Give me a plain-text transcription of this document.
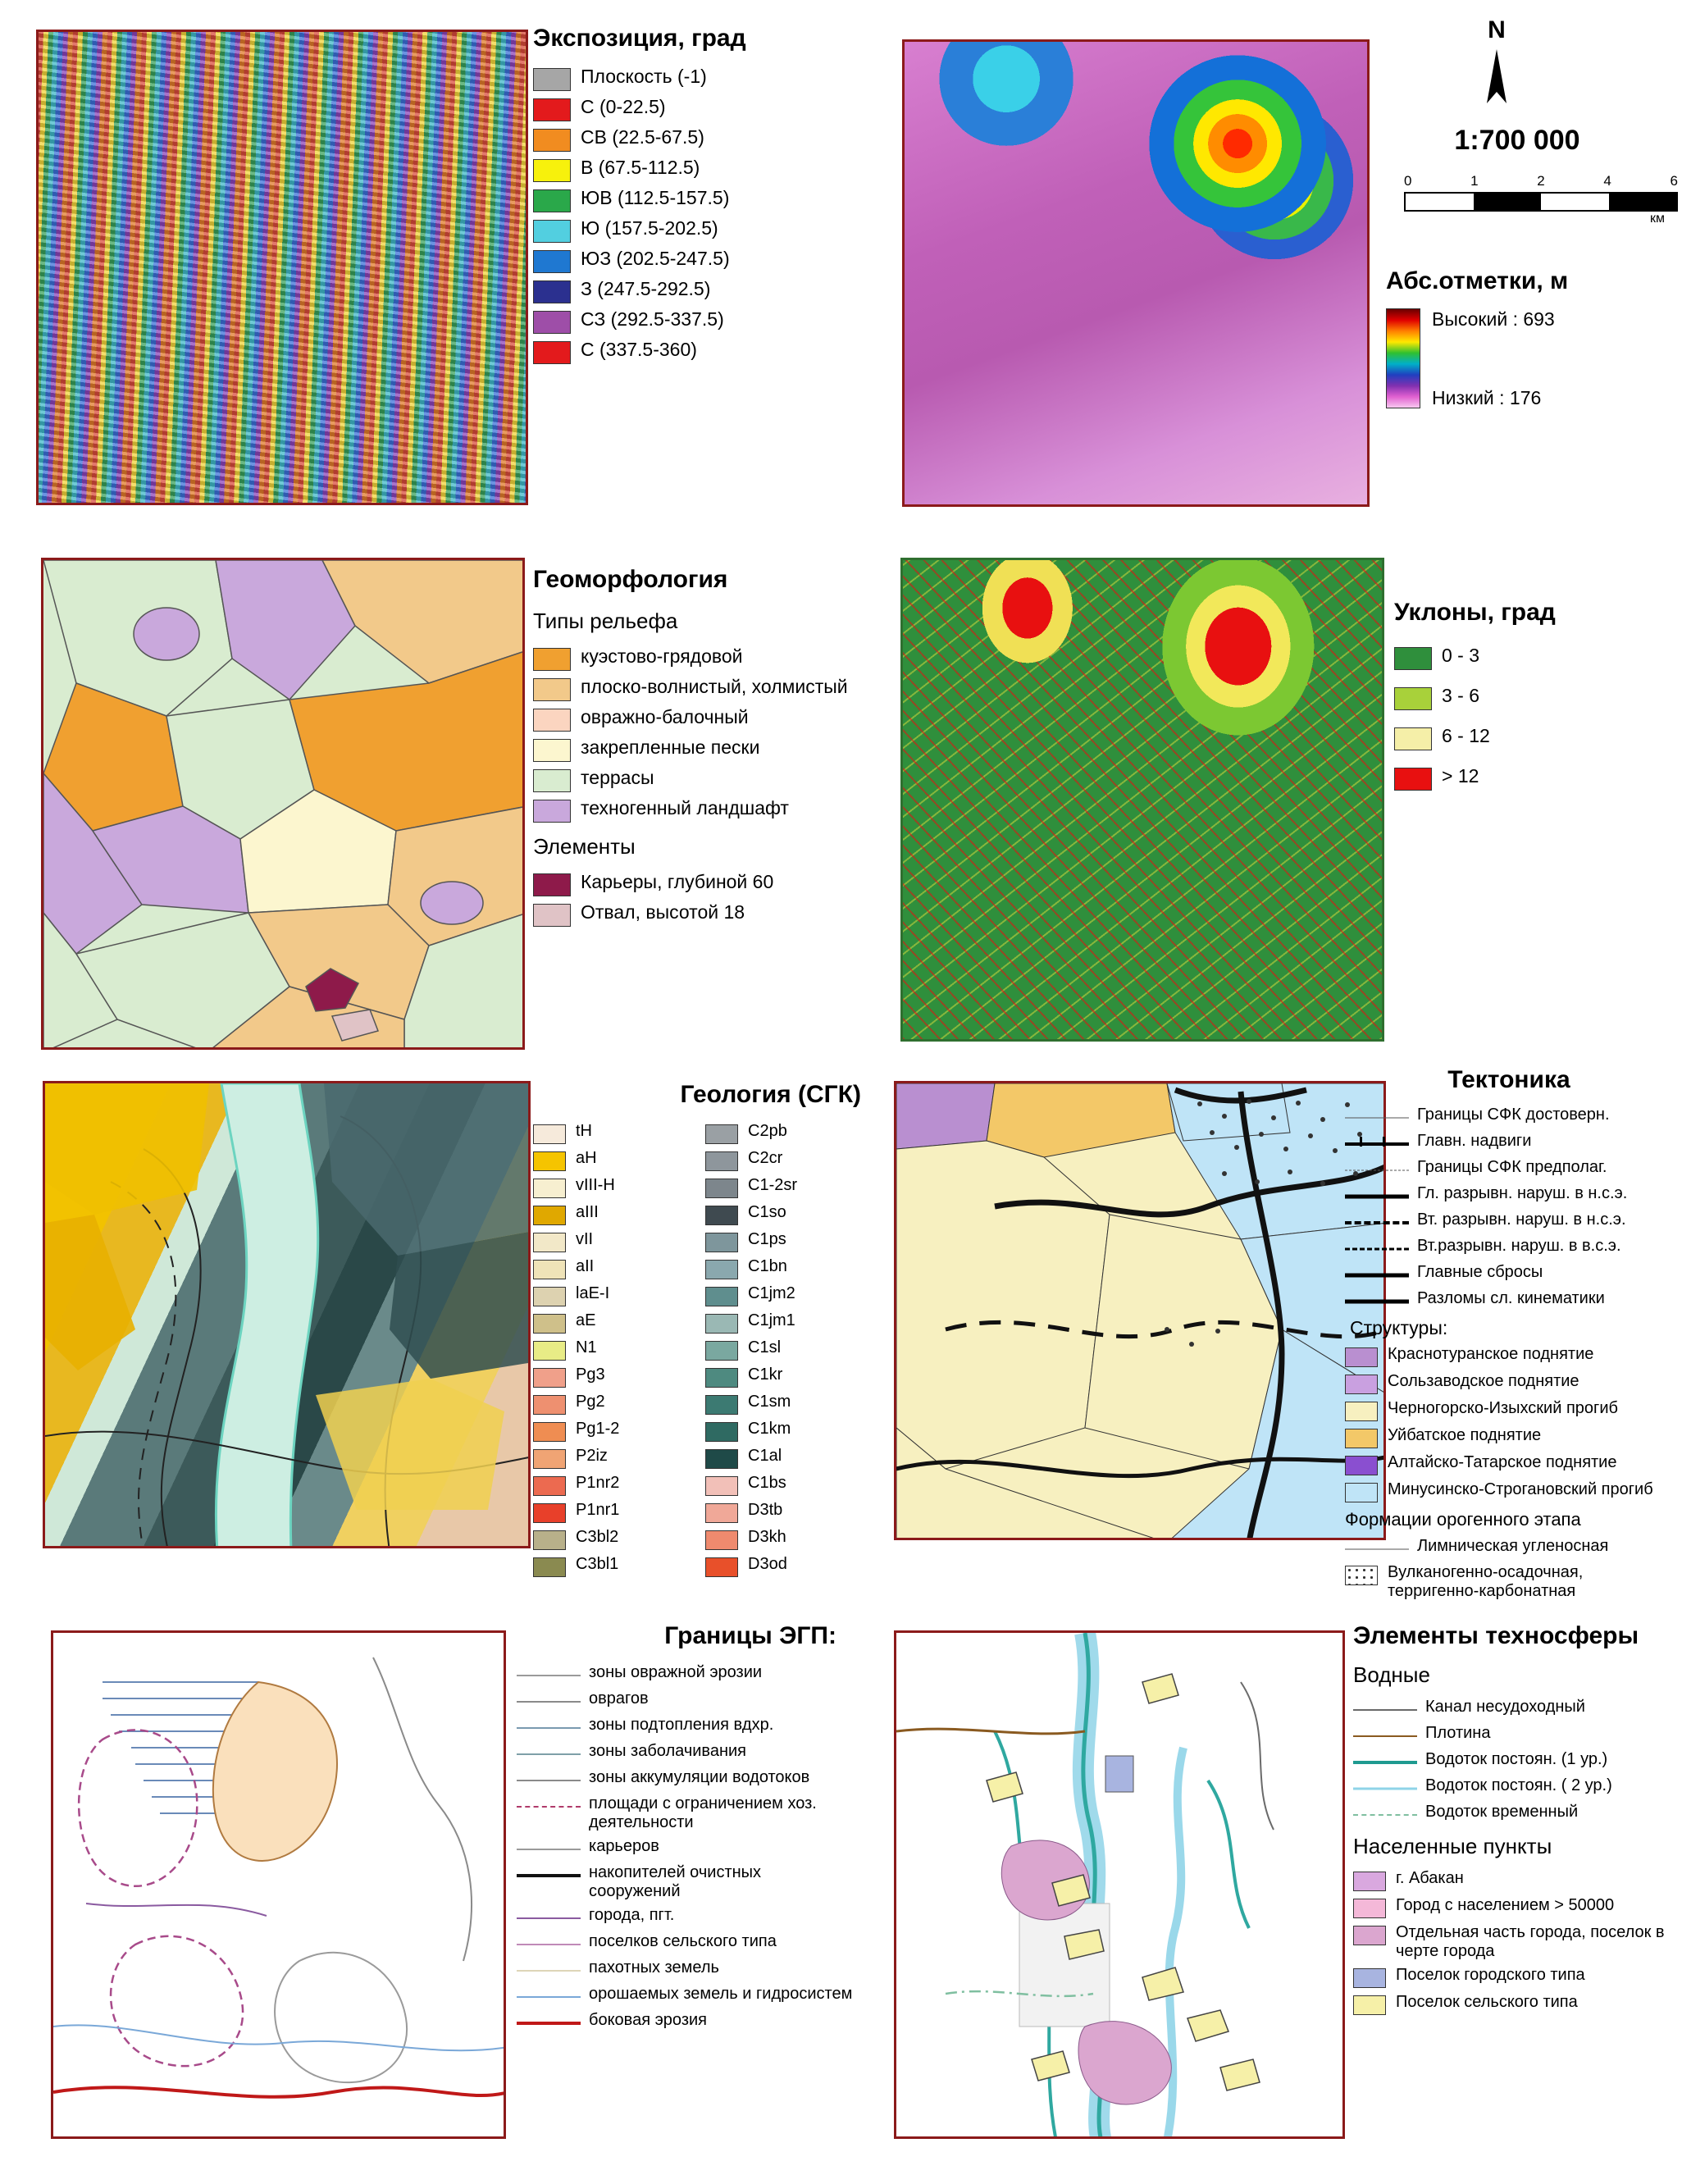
Экспозиция, град
Плоскость (-1)
С (0-22.5)
СВ (22.5-67.5)
В (67.5-112.5)
ЮВ (112.5-157.5)
Ю (157.5-202.5)
ЮЗ (202.5-247.5)
З (247.5-292.5)
СЗ (292.5-337.5)
С (337.5-360)
N
1:700 000
0	1	2	4	6
км
Абс.отметки, м
Высокий : 693
Низкий : 176
Геоморфология
Типы рельефа
куэстово-грядовой
плоско-волнистый, холмистый
овражно-балочный
закрепленные пески
террасы
техногенный ландшафт
Элементы
Карьеры, глубиной 60
Отвал, высотой 18
Уклоны, град
0 - 3
3 - 6
6 - 12
> 12
Геология (СГК)
tH
aH
vIII-H
aIII
vII
aII
laE-I
aE
N1
Pg3
Pg2
Pg1-2
P2iz
P1nr2
P1nr1
C3bl2
C3bl1
C2pb
C2cr
C1-2sr
C1so
C1ps
C1bn
C1jm2
C1jm1
C1sl
C1kr
C1sm
C1km
C1al
C1bs
D3tb
D3kh
D3od
Тектоника
Границы СФК достоверн.
Главн. надвиги
Границы СФК предполаг.
Гл. разрывн. наруш. в н.с.э.
Вт. разрывн. наруш. в н.с.э.
Вт.разрывн. наруш. в в.с.э.
Главные сбросы
Разломы сл. кинематики
Структуры:
Краснотуранское поднятие
Сользаводское поднятие
Черногорско-Изыхский прогиб
Уйбатское поднятие
Алтайско-Татарское поднятие
Минусинско-Строгановский прогиб
Формации орогенного этапа
Лимническая угленосная
Вулканогенно-осадочная, терригенно-карбонатная
Границы ЭГП:
зоны овражной эрозии
оврагов
зоны подтопления вдхр.
зоны заболачивания
зоны аккумуляции водотоков
площади с ограничением хоз. деятельности
карьеров
накопителей очистных сооружений
города, пгт.
поселков сельского типа
пахотных земель
орошаемых земель и гидросистем
боковая эрозия
Элементы техносферы
Водные
Канал несудоходный
Плотина
Водоток постоян. (1 ур.)
Водоток постоян. ( 2 ур.)
Водоток временный
Населенные пункты
г. Абакан
Город с населением > 50000
Отдельная часть города, поселок в черте города
Поселок городского типа
Поселок сельского типа
